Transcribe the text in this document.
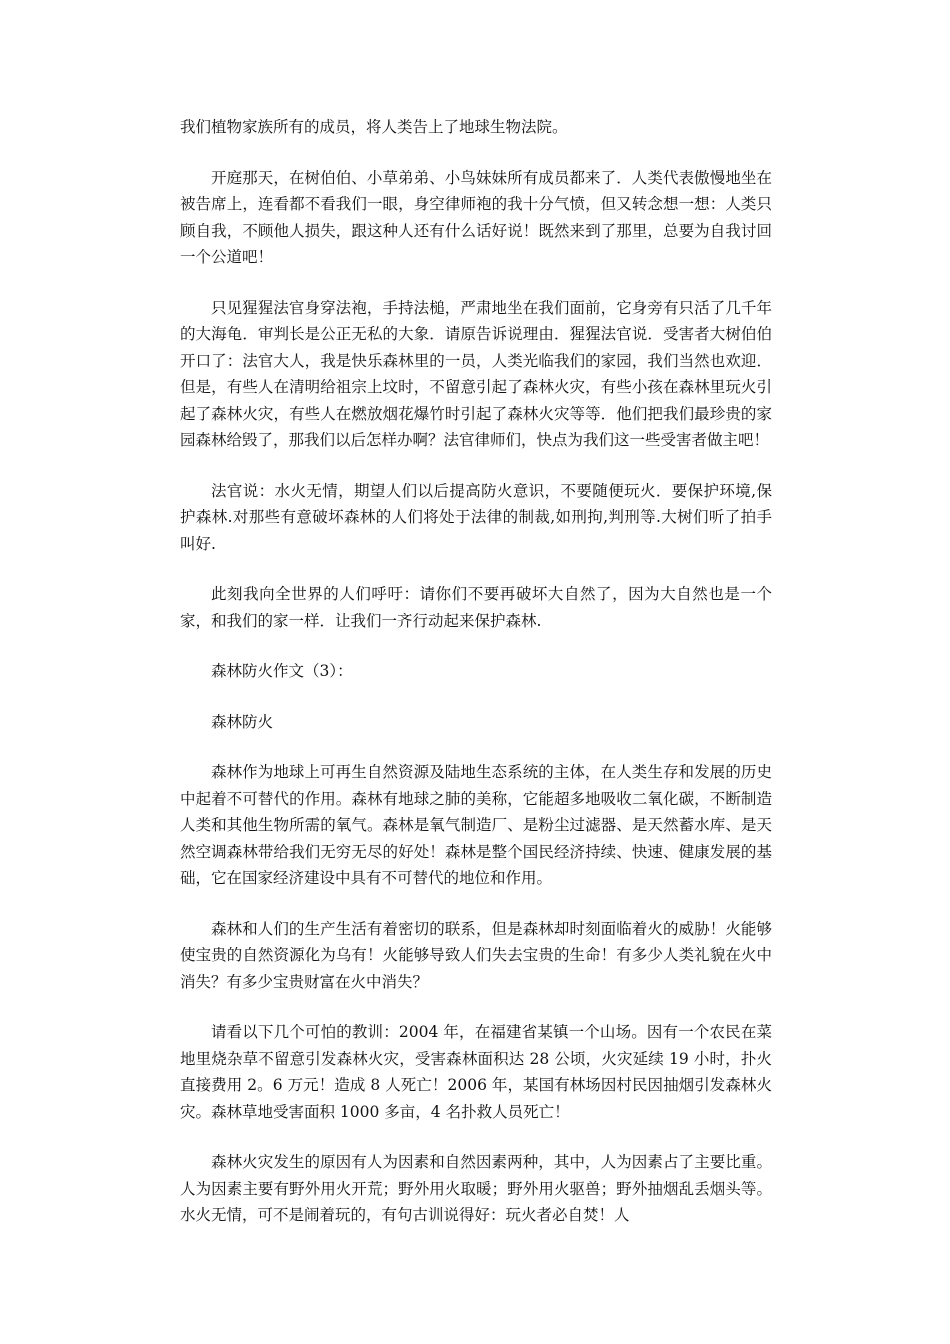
我们植物家族所有的成员，将人类告上了地球生物法院。

开庭那天，在树伯伯、小草弟弟、小鸟妹妹所有成员都来了．人类代表傲慢地坐在被告席上，连看都不看我们一眼，身空律师袍的我十分气愤，但又转念想一想：人类只顾自我，不顾他人损失，跟这种人还有什么话好说！既然来到了那里，总要为自我讨回一个公道吧！

只见猩猩法官身穿法袍，手持法槌，严肃地坐在我们面前，它身旁有只活了几千年的大海龟．审判长是公正无私的大象．请原告诉说理由．猩猩法官说．受害者大树伯伯开口了：法官大人，我是快乐森林里的一员，人类光临我们的家园，我们当然也欢迎．但是，有些人在清明给祖宗上坟时，不留意引起了森林火灾，有些小孩在森林里玩火引起了森林火灾，有些人在燃放烟花爆竹时引起了森林火灾等等．他们把我们最珍贵的家园森林给毁了，那我们以后怎样办啊？法官律师们，快点为我们这一些受害者做主吧！

法官说：水火无情，期望人们以后提高防火意识，不要随便玩火．要保护环境,保护森林.对那些有意破坏森林的人们将处于法律的制裁,如刑拘,判刑等.大树们听了拍手叫好.

此刻我向全世界的人们呼吁：请你们不要再破坏大自然了，因为大自然也是一个家，和我们的家一样．让我们一齐行动起来保护森林.

森林防火作文（3）：

森林防火

森林作为地球上可再生自然资源及陆地生态系统的主体，在人类生存和发展的历史中起着不可替代的作用。森林有地球之肺的美称，它能超多地吸收二氧化碳，不断制造人类和其他生物所需的氧气。森林是氧气制造厂、是粉尘过滤器、是天然蓄水库、是天然空调森林带给我们无穷无尽的好处！森林是整个国民经济持续、快速、健康发展的基础，它在国家经济建设中具有不可替代的地位和作用。

森林和人们的生产生活有着密切的联系，但是森林却时刻面临着火的威胁！火能够使宝贵的自然资源化为乌有！火能够导致人们失去宝贵的生命！有多少人类礼貌在火中消失？有多少宝贵财富在火中消失？

请看以下几个可怕的教训：2004 年，在福建省某镇一个山场。因有一个农民在菜地里烧杂草不留意引发森林火灾，受害森林面积达 28 公顷，火灾延续 19 小时，扑火直接费用 2。6 万元！造成 8 人死亡！2006 年，某国有林场因村民因抽烟引发森林火灾。森林草地受害面积 1000 多亩，4 名扑救人员死亡！

森林火灾发生的原因有人为因素和自然因素两种，其中，人为因素占了主要比重。人为因素主要有野外用火开荒；野外用火取暖；野外用火驱兽；野外抽烟乱丢烟头等。水火无情，可不是闹着玩的，有句古训说得好：玩火者必自焚！人
